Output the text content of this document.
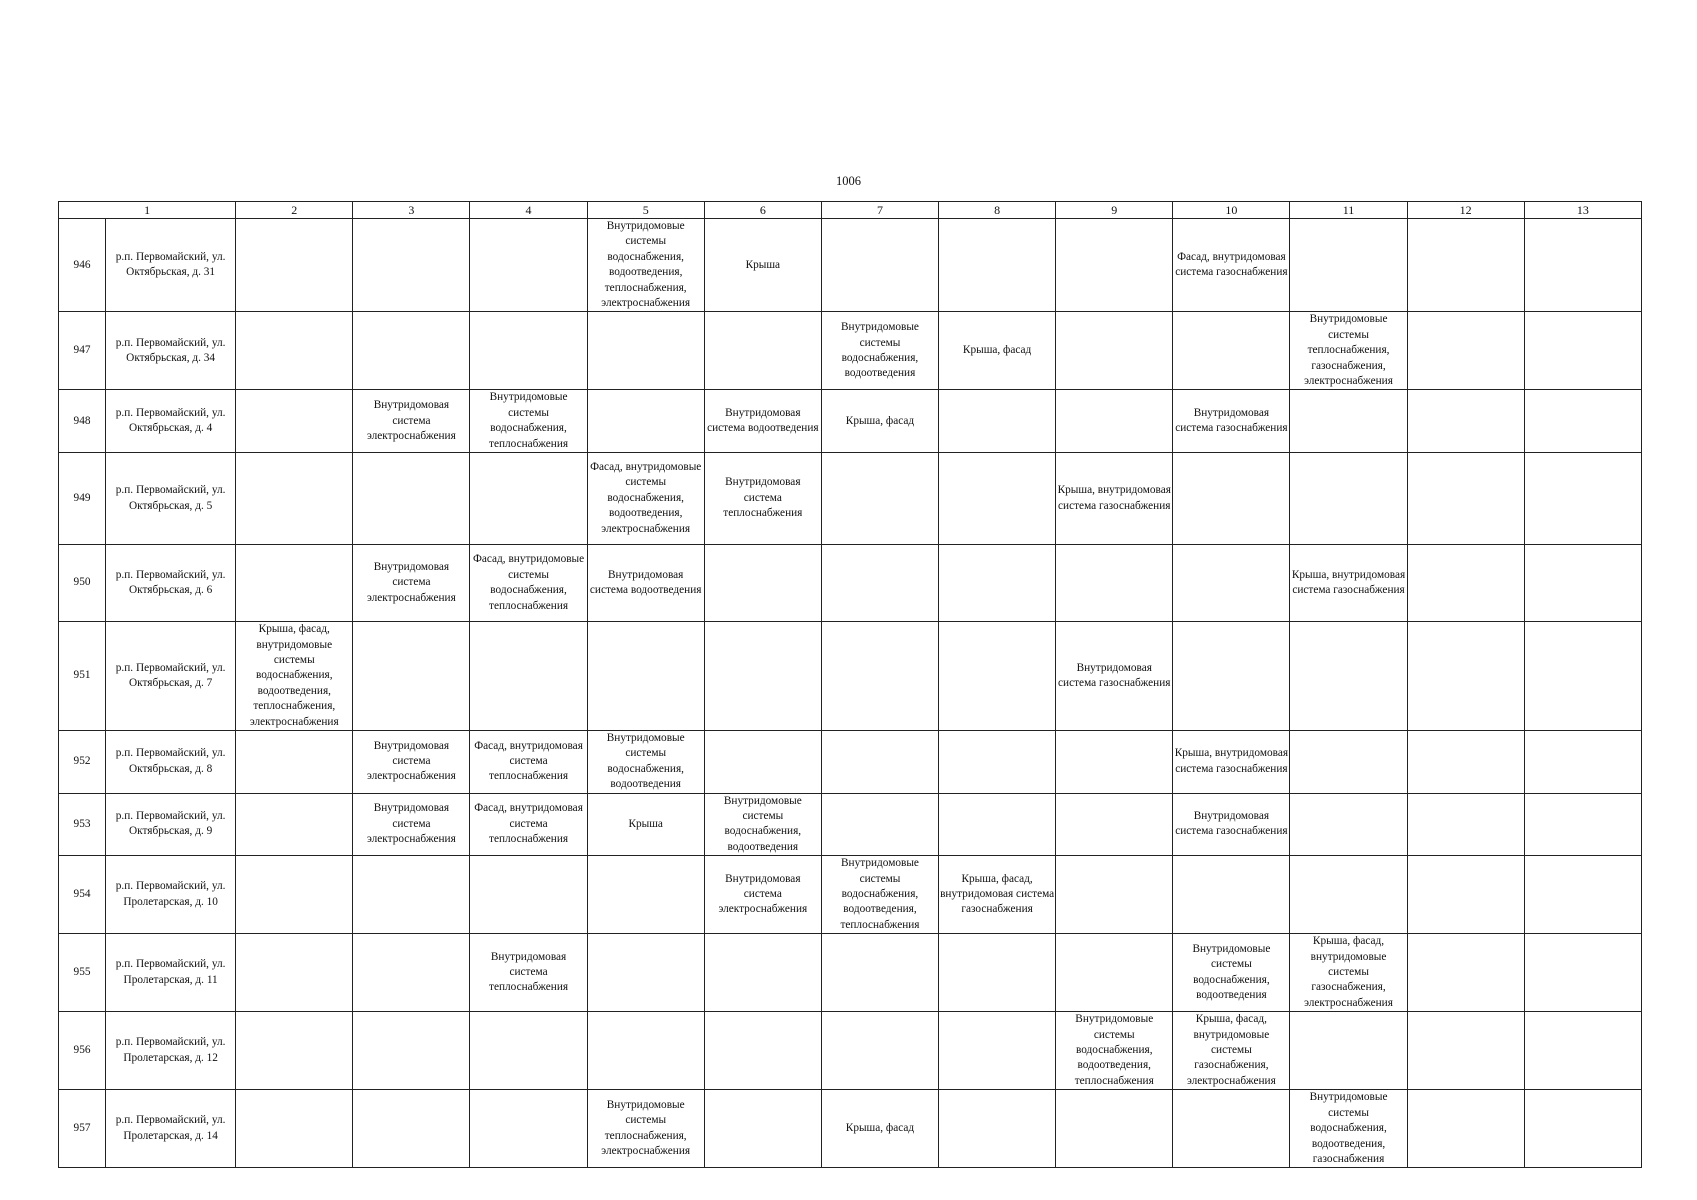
1006
1		2	3	4	5	6	7	8	9	10	11	12	13
946	р.п. Первомайский, ул. Октябрьская, д. 31				Внутридомовые системы водоснабжения, водоотведения, теплоснабжения, электроснабжения	Крыша				Фасад, внутридомовая система газоснабжения			
947	р.п. Первомайский, ул. Октябрьская, д. 34						Внутридомовые системы водоснабжения, водоотведения	Крыша, фасад			Внутридомовые системы теплоснабжения, газоснабжения, электроснабжения		
948	р.п. Первомайский, ул. Октябрьская, д. 4		Внутридомовая система электроснабжения	Внутридомовые системы водоснабжения, теплоснабжения		Внутридомовая система водоотведения	Крыша, фасад			Внутридомовая система газоснабжения			
949	р.п. Первомайский, ул. Октябрьская, д. 5				Фасад, внутридомовые системы водоснабжения, водоотведения, электроснабжения	Внутридомовая система теплоснабжения			Крыша, внутридомовая система газоснабжения				
950	р.п. Первомайский, ул. Октябрьская, д. 6		Внутридомовая система электроснабжения	Фасад, внутридомовые системы водоснабжения, теплоснабжения	Внутридомовая система водоотведения						Крыша, внутридомовая система газоснабжения		
951	р.п. Первомайский, ул. Октябрьская, д. 7	Крыша, фасад, внутридомовые системы водоснабжения, водоотведения, теплоснабжения, электроснабжения							Внутридомовая система газоснабжения				
952	р.п. Первомайский, ул. Октябрьская, д. 8		Внутридомовая система электроснабжения	Фасад, внутридомовая система теплоснабжения	Внутридомовые системы водоснабжения, водоотведения					Крыша, внутридомовая система газоснабжения			
953	р.п. Первомайский, ул. Октябрьская, д. 9		Внутридомовая система электроснабжения	Фасад, внутридомовая система теплоснабжения	Крыша	Внутридомовые системы водоснабжения, водоотведения				Внутридомовая система газоснабжения			
954	р.п. Первомайский, ул. Пролетарская, д. 10					Внутридомовая система электроснабжения	Внутридомовые системы водоснабжения, водоотведения, теплоснабжения	Крыша, фасад, внутридомовая система газоснабжения					
955	р.п. Первомайский, ул. Пролетарская, д. 11			Внутридомовая система теплоснабжения						Внутридомовые системы водоснабжения, водоотведения	Крыша, фасад, внутридомовые системы газоснабжения, электроснабжения		
956	р.п. Первомайский, ул. Пролетарская, д. 12								Внутридомовые системы водоснабжения, водоотведения, теплоснабжения	Крыша, фасад, внутридомовые системы газоснабжения, электроснабжения			
957	р.п. Первомайский, ул. Пролетарская, д. 14				Внутридомовые системы теплоснабжения, электроснабжения		Крыша, фасад				Внутридомовые системы водоснабжения, водоотведения, газоснабжения		
